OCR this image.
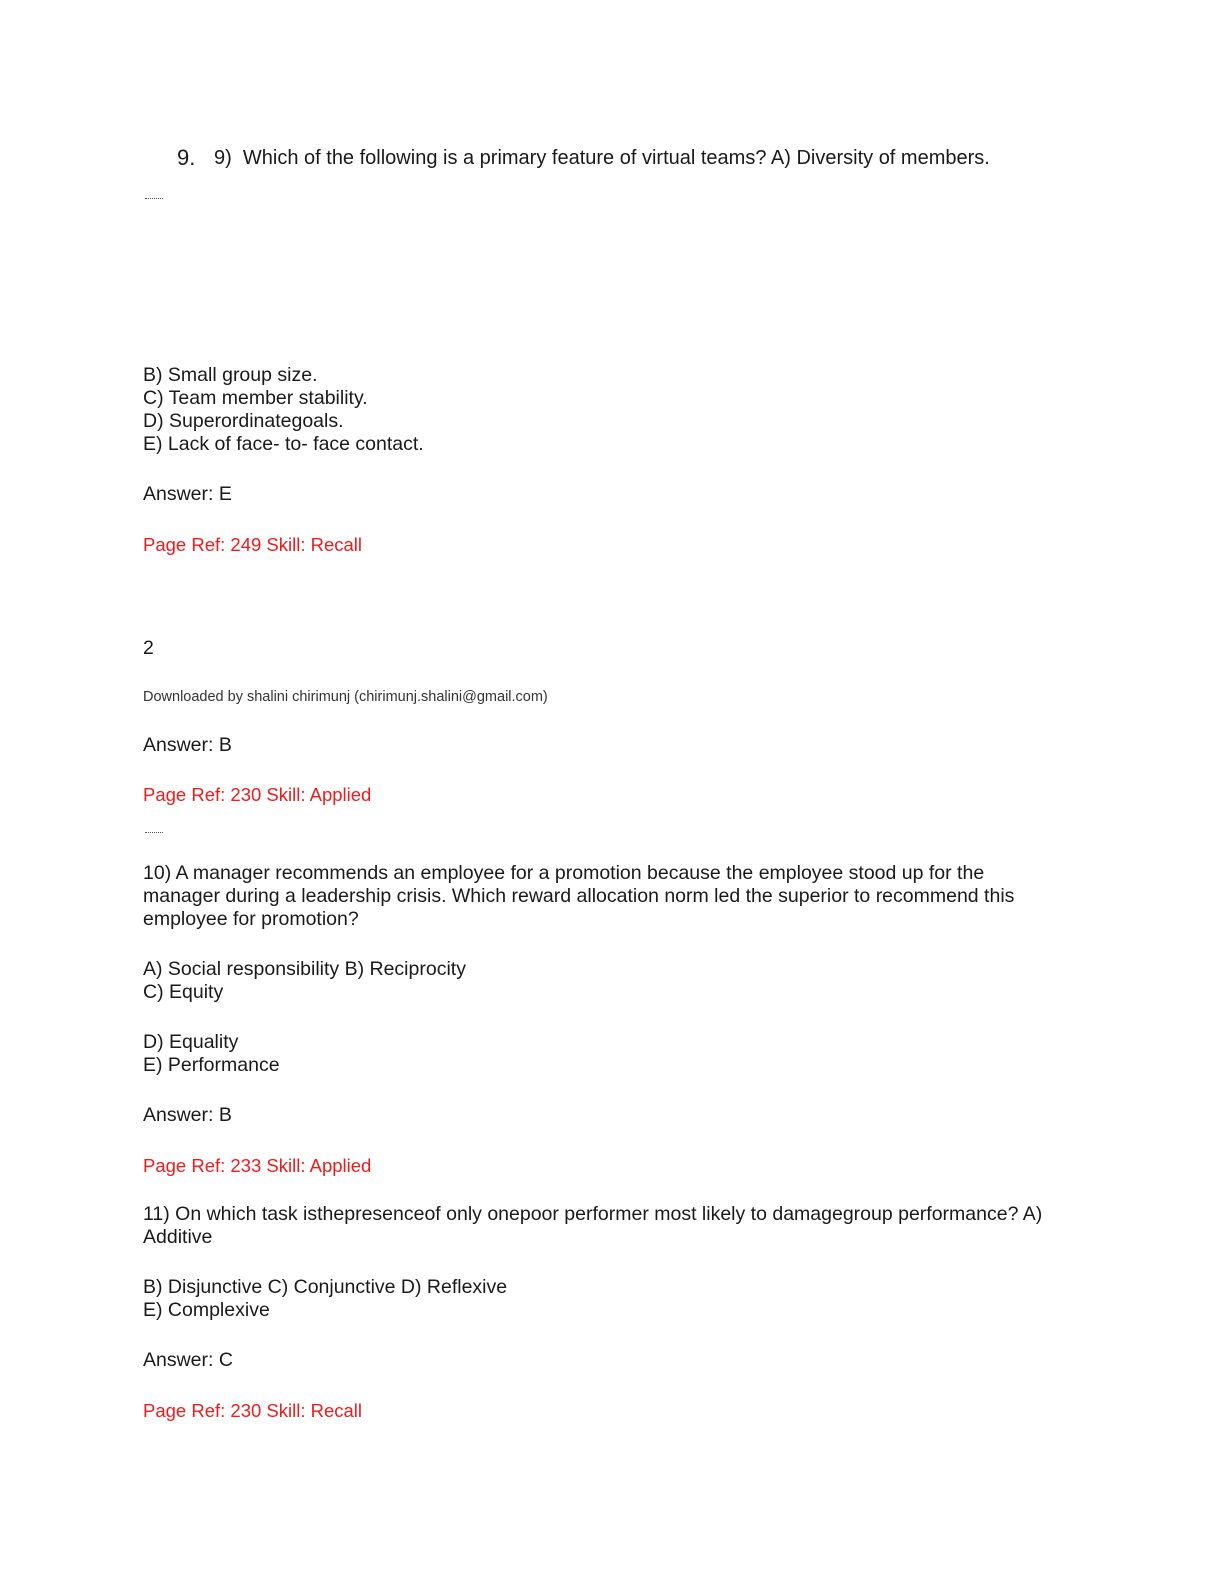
9. 9)  Which of the following is a primary feature of virtual teams? A) Diversity of members.
B) Small group size.
C) Team member stability.
D) Superordinategoals.
E) Lack of face- to- face contact.
Answer: E
Page Ref: 249 Skill: Recall
2
Downloaded by shalini chirimunj (chirimunj.shalini@gmail.com)
Answer: B
Page Ref: 230 Skill: Applied
10) A manager recommends an employee for a promotion because the employee stood up for the
manager during a leadership crisis. Which reward allocation norm led the superior to recommend this
employee for promotion?
A) Social responsibility B) Reciprocity
C) Equity
D) Equality
E) Performance
Answer: B
Page Ref: 233 Skill: Applied
11) On which task isthepresenceof only onepoor performer most likely to damagegroup performance? A)
Additive
B) Disjunctive C) Conjunctive D) Reflexive
E) Complexive
Answer: C
Page Ref: 230 Skill: Recall
